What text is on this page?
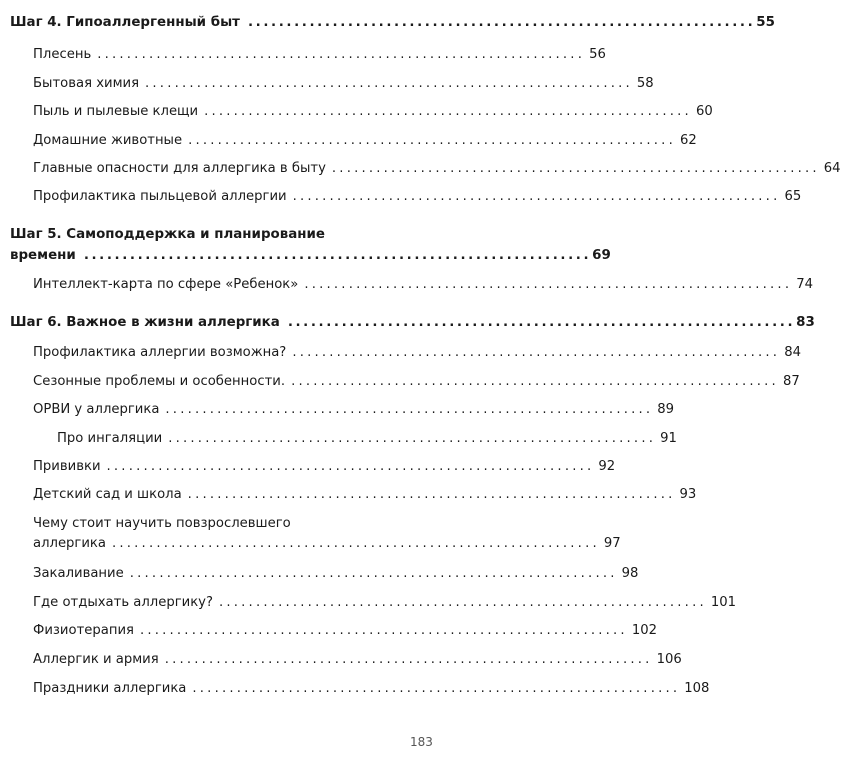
Шаг 4. Гипоаллергенный быт .................................................................. 55
Плесень .................................................................. 56
Бытовая химия .................................................................. 58
Пыль и пылевые клещи .................................................................. 60
Домашние животные .................................................................. 62
Главные опасности для аллергика в быту .................................................................. 64
Профилактика пыльцевой аллергии .................................................................. 65
Шаг 5. Самоподдержка и планирование
времени .................................................................. 69
Интеллект-карта по сфере «Ребенок» .................................................................. 74
Шаг 6. Важное в жизни аллергика .................................................................. 83
Профилактика аллергии возможна? .................................................................. 84
Сезонные проблемы и особенности. .................................................................. 87
ОРВИ у аллергика .................................................................. 89
Про ингаляции .................................................................. 91
Прививки .................................................................. 92
Детский сад и школа .................................................................. 93
Чему стоит научить повзрослевшего
аллергика .................................................................. 97
Закаливание .................................................................. 98
Где отдыхать аллергику? .................................................................. 101
Физиотерапия .................................................................. 102
Аллергик и армия .................................................................. 106
Праздники аллергика .................................................................. 108
183
